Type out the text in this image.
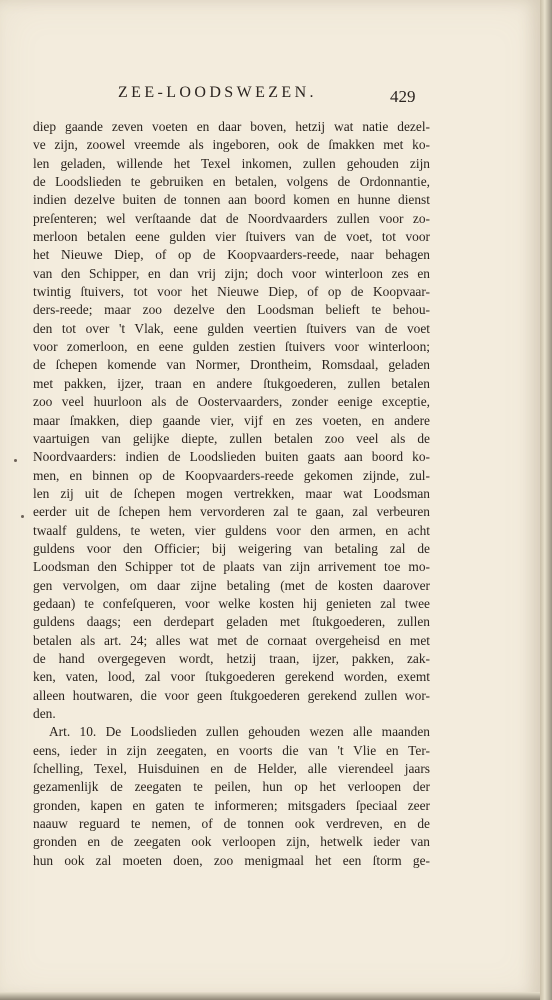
ZEE-LOODSWEZEN.	429
diep gaande zeven voeten en daar boven, hetzij wat natie dezel-
ve zijn, zoowel vreemde als ingeboren, ook de ſmakken met ko-
len geladen, willende het Texel inkomen, zullen gehouden zijn
de Loodslieden te gebruiken en betalen, volgens de Ordonnantie,
indien dezelve buiten de tonnen aan boord komen en hunne dienst
preſenteren; wel verſtaande dat de Noordvaarders zullen voor zo-
merloon betalen eene gulden vier ſtuivers van de voet, tot voor
het Nieuwe Diep, of op de Koopvaarders-reede, naar behagen
van den Schipper, en dan vrij zijn; doch voor winterloon zes en
twintig ſtuivers, tot voor het Nieuwe Diep, of op de Koopvaar-
ders-reede; maar zoo dezelve den Loodsman belieft te behou-
den tot over 't Vlak, eene gulden veertien ſtuivers van de voet
voor zomerloon, en eene gulden zestien ſtuivers voor winterloon;
de ſchepen komende van Normer, Drontheim, Romsdaal, geladen
met pakken, ijzer, traan en andere ſtukgoederen, zullen betalen
zoo veel huurloon als de Oostervaarders, zonder eenige exceptie,
maar ſmakken, diep gaande vier, vijf en zes voeten, en andere
vaartuigen van gelijke diepte, zullen betalen zoo veel als de
Noordvaarders: indien de Loodslieden buiten gaats aan boord ko-
men, en binnen op de Koopvaarders-reede gekomen zijnde, zul-
len zij uit de ſchepen mogen vertrekken, maar wat Loodsman
eerder uit de ſchepen hem vervorderen zal te gaan, zal verbeuren
twaalf guldens, te weten, vier guldens voor den armen, en acht
guldens voor den Officier; bij weigering van betaling zal de
Loodsman den Schipper tot de plaats van zijn arrivement toe mo-
gen vervolgen, om daar zijne betaling (met de kosten daarover
gedaan) te confeſqueren, voor welke kosten hij genieten zal twee
guldens daags; een derdepart geladen met ſtukgoederen, zullen
betalen als art. 24; alles wat met de cornaat overgeheisd en met
de hand overgegeven wordt, hetzij traan, ijzer, pakken, zak-
ken, vaten, lood, zal voor ſtukgoederen gerekend worden, exemt
alleen houtwaren, die voor geen ſtukgoederen gerekend zullen wor-
den.
Art. 10. De Loodslieden zullen gehouden wezen alle maanden
eens, ieder in zijn zeegaten, en voorts die van 't Vlie en Ter-
ſchelling, Texel, Huisduinen en de Helder, alle vierendeel jaars
gezamenlijk de zeegaten te peilen, hun op het verloopen der
gronden, kapen en gaten te informeren; mitsgaders ſpeciaal zeer
naauw reguard te nemen, of de tonnen ook verdreven, en de
gronden en de zeegaten ook verloopen zijn, hetwelk ieder van
hun ook zal moeten doen, zoo menigmaal het een ſtorm ge-
